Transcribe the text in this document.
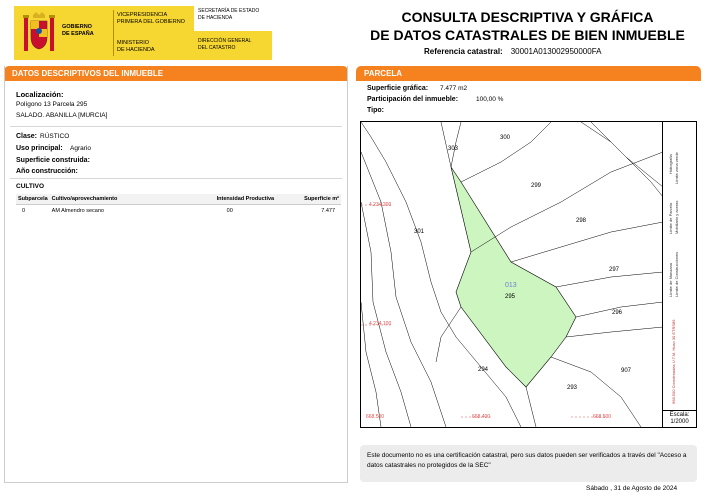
GOBIERNO
DE ESPAÑA
VICEPRESIDENCIA
PRIMERA DEL GOBIERNO
MINISTERIO
DE HACIENDA
SECRETARÍA DE ESTADO
DE HACIENDA
DIRECCIÓN GENERAL
DEL CATASTRO
CONSULTA DESCRIPTIVA Y GRÁFICA
DE DATOS CATASTRALES DE BIEN INMUEBLE
Referencia catastral: 30001A013002950000FA
DATOS DESCRIPTIVOS DEL INMUEBLE
Localización:
Polígono 13 Parcela 295
SALADO. ABANILLA [MURCIA]
Clase: RÚSTICO
Uso principal: Agrario
Superficie construida:
Año construcción:
CULTIVO
Subparcela	Cultivo/aprovechamiento	Intensidad Productiva	Superficie m²
0	AM Almendro secano	00	7.477
PARCELA
Superficie gráfica: 7.477 m2
Participación del inmueble:	100,00 %
Tipo:
300
303
299
298
297
296
301
013
295
294
293
907
4.234.200
4.234.100
668.400	668.500
668.500
Hidrografía Límite zona verde
Límite de Parcela Mobiliario y aceras
Límite de Manzana Límite de Construcciones
668.500 Coordenadas U.T.M. Huso 30 ETRS89
Escala:
1/2000
Este documento no es una certificación catastral, pero sus datos pueden ser verificados a través del "Acceso a datos catastrales no protegidos de la SEC"
Sábado , 31 de Agosto de 2024
